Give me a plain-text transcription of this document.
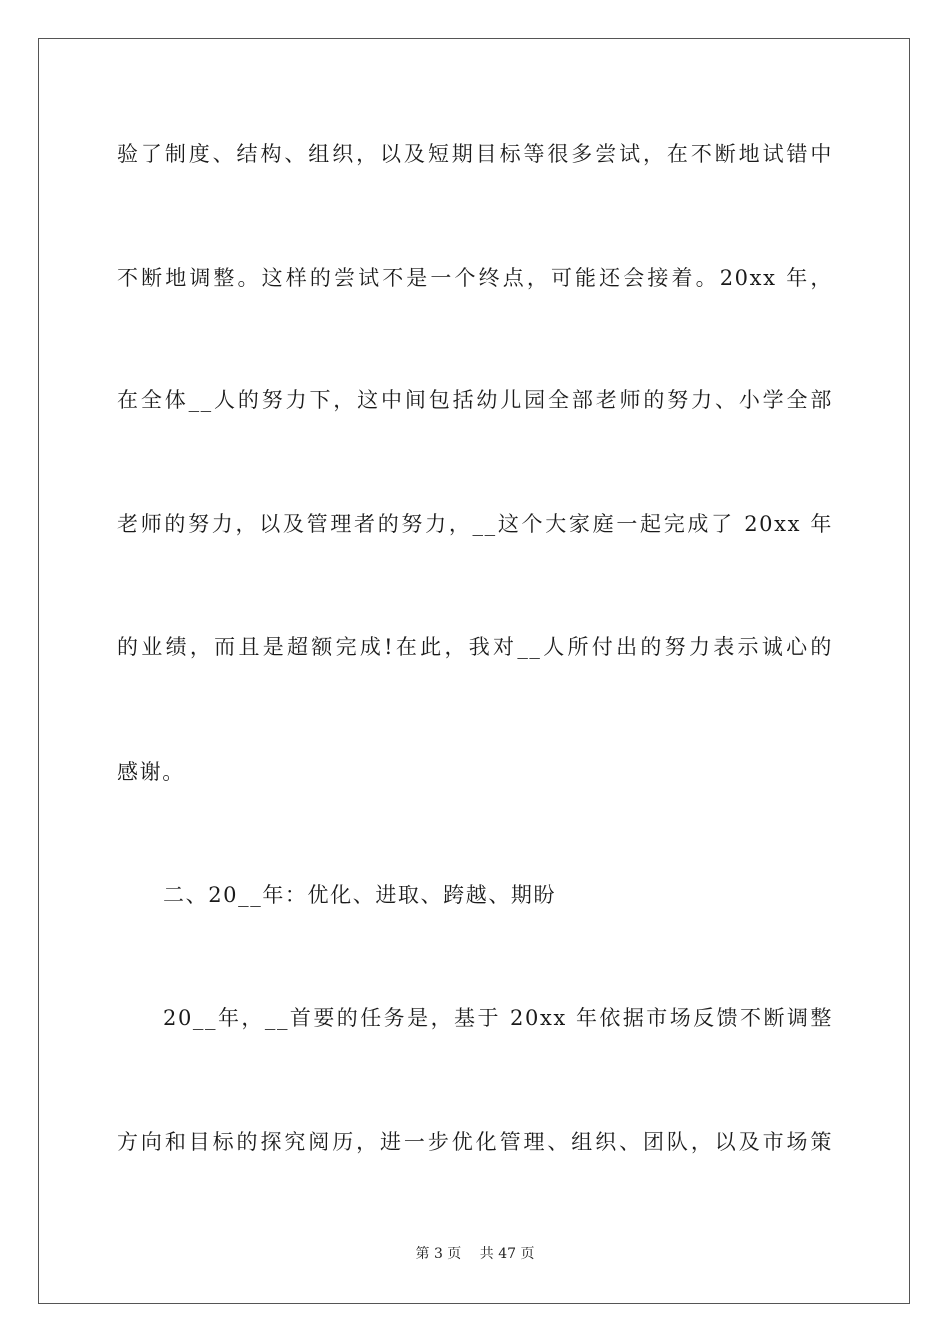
验了制度、结构、组织，以及短期目标等很多尝试，在不断地试错中
不断地调整。这样的尝试不是一个终点，可能还会接着。20xx 年，
在全体__人的努力下，这中间包括幼儿园全部老师的努力、小学全部
老师的努力，以及管理者的努力，__这个大家庭一起完成了 20xx 年
的业绩，而且是超额完成!在此，我对__人所付出的努力表示诚心的
感谢。
二、20__年：优化、进取、跨越、期盼
20__年，__首要的任务是，基于 20xx 年依据市场反馈不断调整
方向和目标的探究阅历，进一步优化管理、组织、团队，以及市场策
第 3 页 共 47 页
